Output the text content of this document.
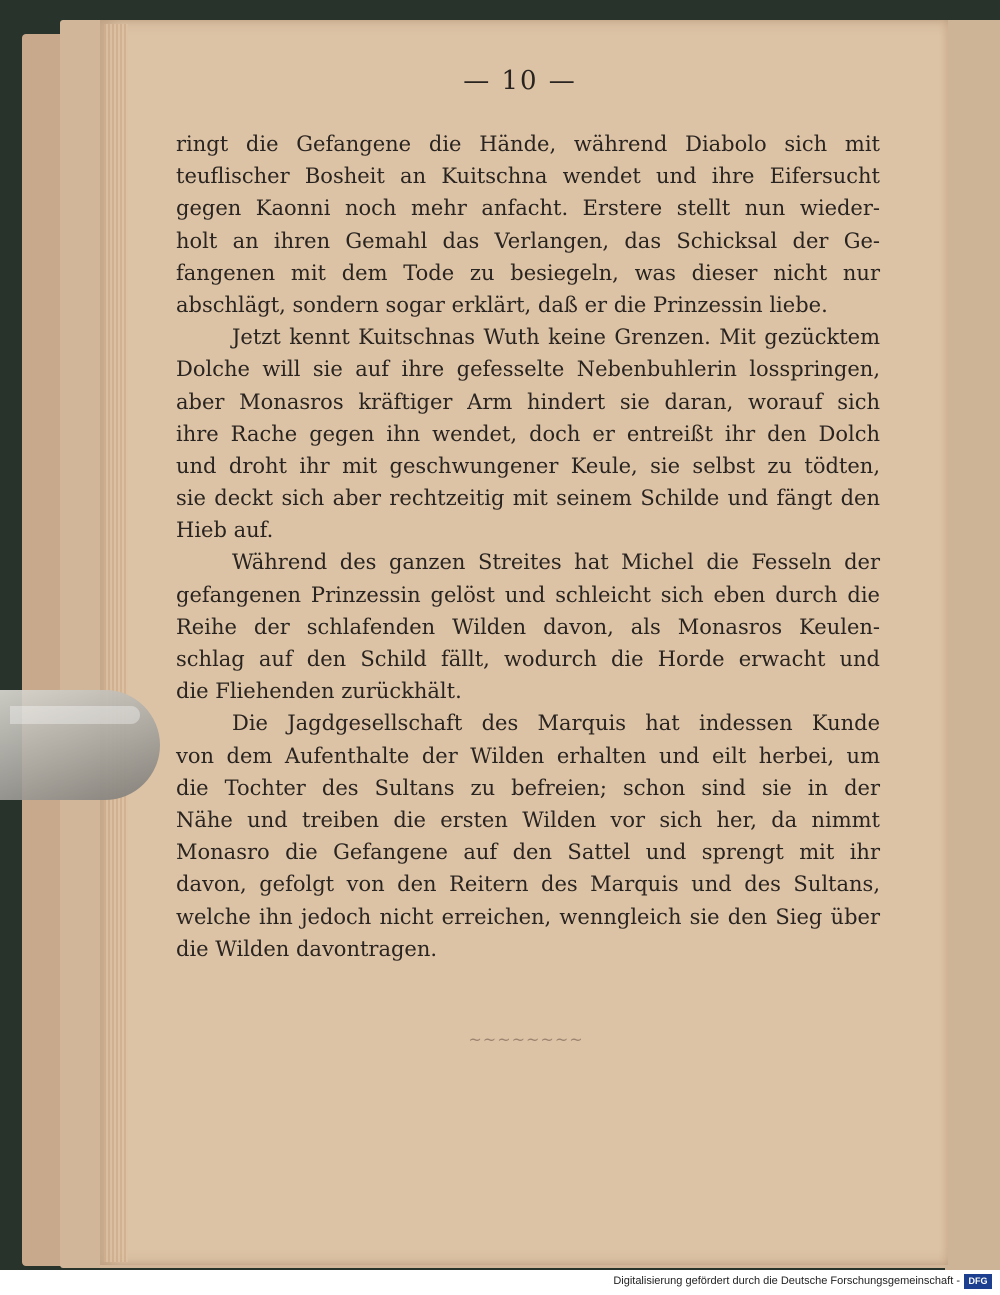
— 10 —
ringt die Gefangene die Hände, während Diabolo sich mit
teuflischer Bosheit an Kuitschna wendet und ihre Eifersucht
gegen Kaonni noch mehr anfacht. Erstere stellt nun wieder-
holt an ihren Gemahl das Verlangen, das Schicksal der Ge-
fangenen mit dem Tode zu besiegeln, was dieser nicht nur
abschlägt, sondern sogar erklärt, daß er die Prinzessin liebe.
Jetzt kennt Kuitschnas Wuth keine Grenzen. Mit gezücktem
Dolche will sie auf ihre gefesselte Nebenbuhlerin losspringen,
aber Monasros kräftiger Arm hindert sie daran, worauf sich
ihre Rache gegen ihn wendet, doch er entreißt ihr den Dolch
und droht ihr mit geschwungener Keule, sie selbst zu tödten,
sie deckt sich aber rechtzeitig mit seinem Schilde und fängt den
Hieb auf.
Während des ganzen Streites hat Michel die Fesseln der
gefangenen Prinzessin gelöst und schleicht sich eben durch die
Reihe der schlafenden Wilden davon, als Monasros Keulen-
schlag auf den Schild fällt, wodurch die Horde erwacht und
die Fliehenden zurückhält.
Die Jagdgesellschaft des Marquis hat indessen Kunde
von dem Aufenthalte der Wilden erhalten und eilt herbei, um
die Tochter des Sultans zu befreien; schon sind sie in der
Nähe und treiben die ersten Wilden vor sich her, da nimmt
Monasro die Gefangene auf den Sattel und sprengt mit ihr
davon, gefolgt von den Reitern des Marquis und des Sultans,
welche ihn jedoch nicht erreichen, wenngleich sie den Sieg über
die Wilden davontragen.
~~~~~~~~
Digitalisierung gefördert durch die Deutsche Forschungsgemeinschaft - DFG
